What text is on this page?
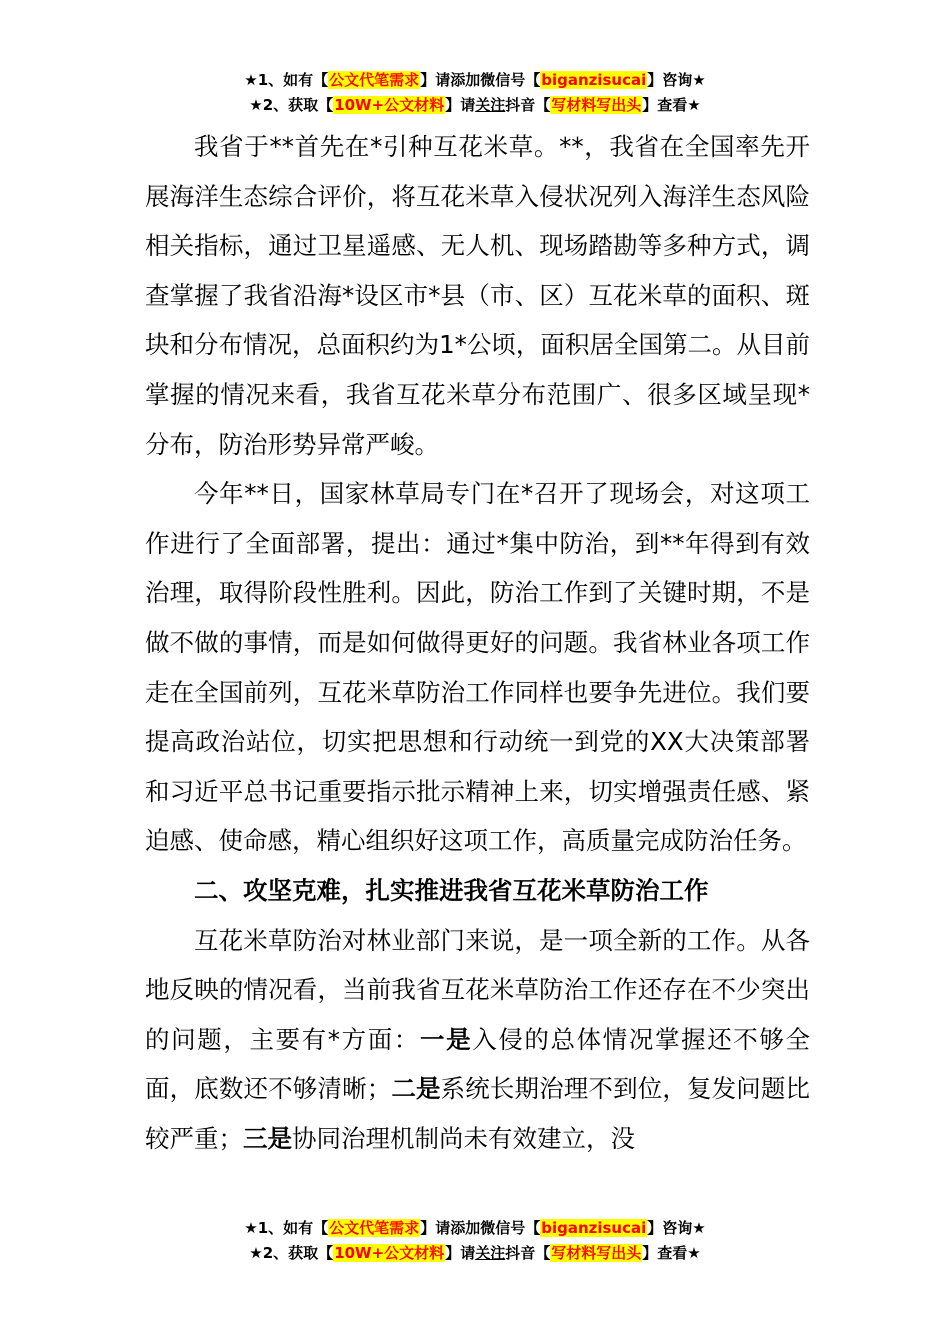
★1、如有【公文代笔需求】请添加微信号【biganzisucai】咨询★
★2、获取【10W+公文材料】请关注抖音【写材料写出头】查看★

我省于**首先在*引种互花米草。**，我省在全国率先开展海洋生态综合评价，将互花米草入侵状况列入海洋生态风险相关指标，通过卫星遥感、无人机、现场踏勘等多种方式，调查掌握了我省沿海*设区市*县（市、区）互花米草的面积、斑块和分布情况，总面积约为1*公顷，面积居全国第二。从目前掌握的情况来看，我省互花米草分布范围广、很多区域呈现*分布，防治形势异常严峻。

今年**日，国家林草局专门在*召开了现场会，对这项工作进行了全面部署，提出：通过*集中防治，到**年得到有效治理，取得阶段性胜利。因此，防治工作到了关键时期，不是做不做的事情，而是如何做得更好的问题。我省林业各项工作走在全国前列，互花米草防治工作同样也要争先进位。我们要提高政治站位，切实把思想和行动统一到党的XX大决策部署和习近平总书记重要指示批示精神上来，切实增强责任感、紧迫感、使命感，精心组织好这项工作，高质量完成防治任务。

二、攻坚克难，扎实推进我省互花米草防治工作

互花米草防治对林业部门来说，是一项全新的工作。从各地反映的情况看，当前我省互花米草防治工作还存在不少突出的问题，主要有*方面：一是入侵的总体情况掌握还不够全面，底数还不够清晰；二是系统长期治理不到位，复发问题比较严重；三是协同治理机制尚未有效建立，没

★1、如有【公文代笔需求】请添加微信号【biganzisucai】咨询★
★2、获取【10W+公文材料】请关注抖音【写材料写出头】查看★
